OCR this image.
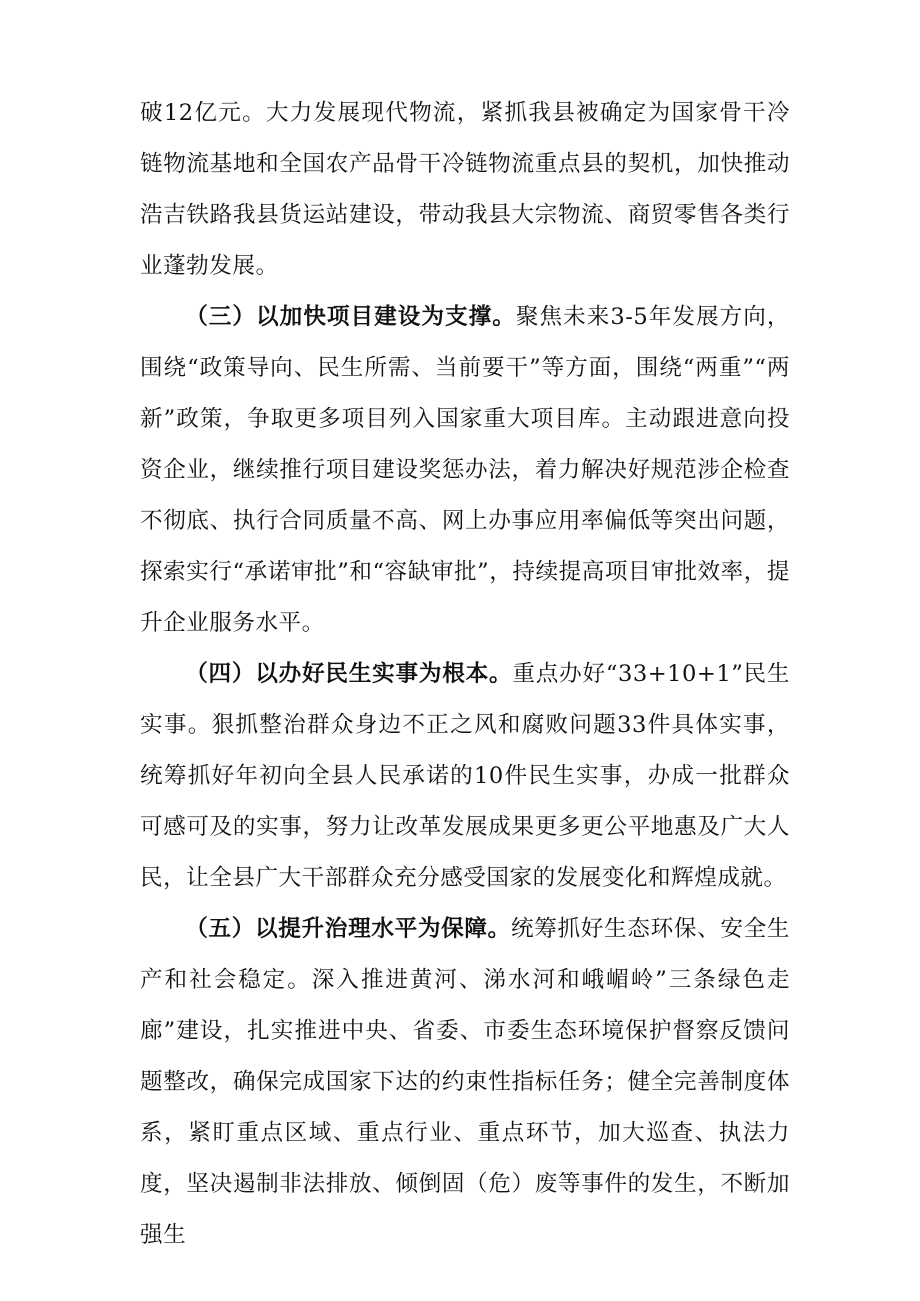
破12亿元。大力发展现代物流，紧抓我县被确定为国家骨干冷链物流基地和全国农产品骨干冷链物流重点县的契机，加快推动浩吉铁路我县货运站建设，带动我县大宗物流、商贸零售各类行业蓬勃发展。

（三）以加快项目建设为支撑。聚焦未来3-5年发展方向，围绕“政策导向、民生所需、当前要干”等方面，围绕“两重”“两新”政策，争取更多项目列入国家重大项目库。主动跟进意向投资企业，继续推行项目建设奖惩办法，着力解决好规范涉企检查不彻底、执行合同质量不高、网上办事应用率偏低等突出问题，探索实行“承诺审批”和“容缺审批”，持续提高项目审批效率，提升企业服务水平。

（四）以办好民生实事为根本。重点办好“33+10+1”民生实事。狠抓整治群众身边不正之风和腐败问题33件具体实事，统筹抓好年初向全县人民承诺的10件民生实事，办成一批群众可感可及的实事，努力让改革发展成果更多更公平地惠及广大人民，让全县广大干部群众充分感受国家的发展变化和辉煌成就。

（五）以提升治理水平为保障。统筹抓好生态环保、安全生产和社会稳定。深入推进黄河、涕水河和峨嵋岭”三条绿色走廊”建设，扎实推进中央、省委、市委生态环境保护督察反馈问题整改，确保完成国家下达的约束性指标任务；健全完善制度体系，紧盯重点区域、重点行业、重点环节，加大巡查、执法力度，坚决遏制非法排放、倾倒固（危）废等事件的发生，不断加强生
